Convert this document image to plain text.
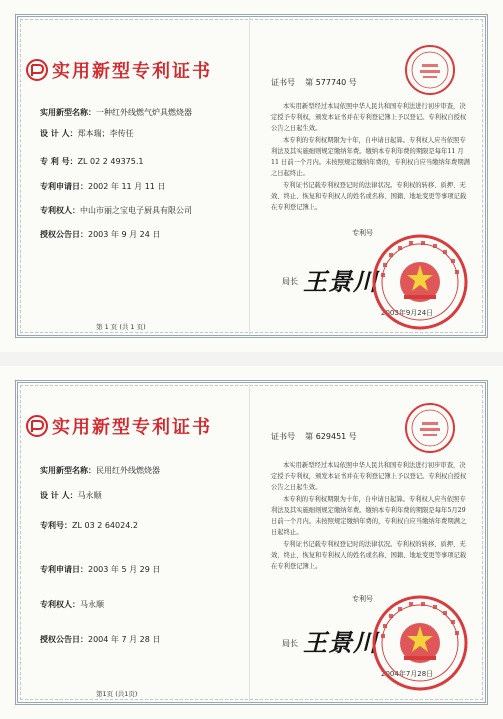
实用新型专利证书
实用新型名称：一种红外线燃气炉具燃烧器
设 计 人：郑本瑞；李传任
专 利 号：ZL 02 2 49375.1
专利申请日：2002 年 11 月 11 日
专利权人：中山市丽之宝电子厨具有限公司
授权公告日：2003 年 9 月 24 日
证书号 第 577740 号

本实用新型经过本局依照中华人民共和国专利法进行初步审查，决定授予专利权，颁发本证书并在专利登记簿上予以登记。专利权自授权公告之日起生效。

本专利的专利权期限为十年，自申请日起算。专利权人应当依照专利法及其实施细则规定缴纳年费。缴纳本专利年费的期限是每年11 月 11 日前一个月内。未按照规定缴纳年费的，专利权自应当缴纳年费期满之日起终止。

专利证书记载专利权登记时的法律状况。专利权的转移、质押、无效、终止、恢复和专利权人的姓名或名称、国籍、地址变更等事项记载在专利登记簿上。

专利号
局长 王景川
2003年9月24日
第 1 页 (共 1 页)
实用新型专利证书
实用新型名称：民用红外线燃烧器
设 计 人：马永顺
专利号：ZL 03 2 64024.2
专利申请日：2003 年 5 月 29 日
专利权人：马永顺
授权公告日：2004 年 7 月 28 日
证书号 第 629451 号

本实用新型经过本局依照中华人民共和国专利法进行初步审查，决定授予专利权，颁发本证书并在专利登记簿上予以登记。专利权自授权公告之日起生效。

本专利的专利权期限为十年，自申请日起算。专利权人应当依照专利法及其实施细则规定缴纳年费。缴纳本专利年费的期限是每年5月29日前一个月内。未按照规定缴纳年费的，专利权自应当缴纳年费期满之日起终止。

专利证书记载专利权登记时的法律状况。专利权的转移、质押、无效、终止、恢复和专利权人的姓名或名称、国籍、地址变更等事项记载在专利登记簿上。

专利号
局长 王景川
2004年7月28日
第1页 (共1页)
